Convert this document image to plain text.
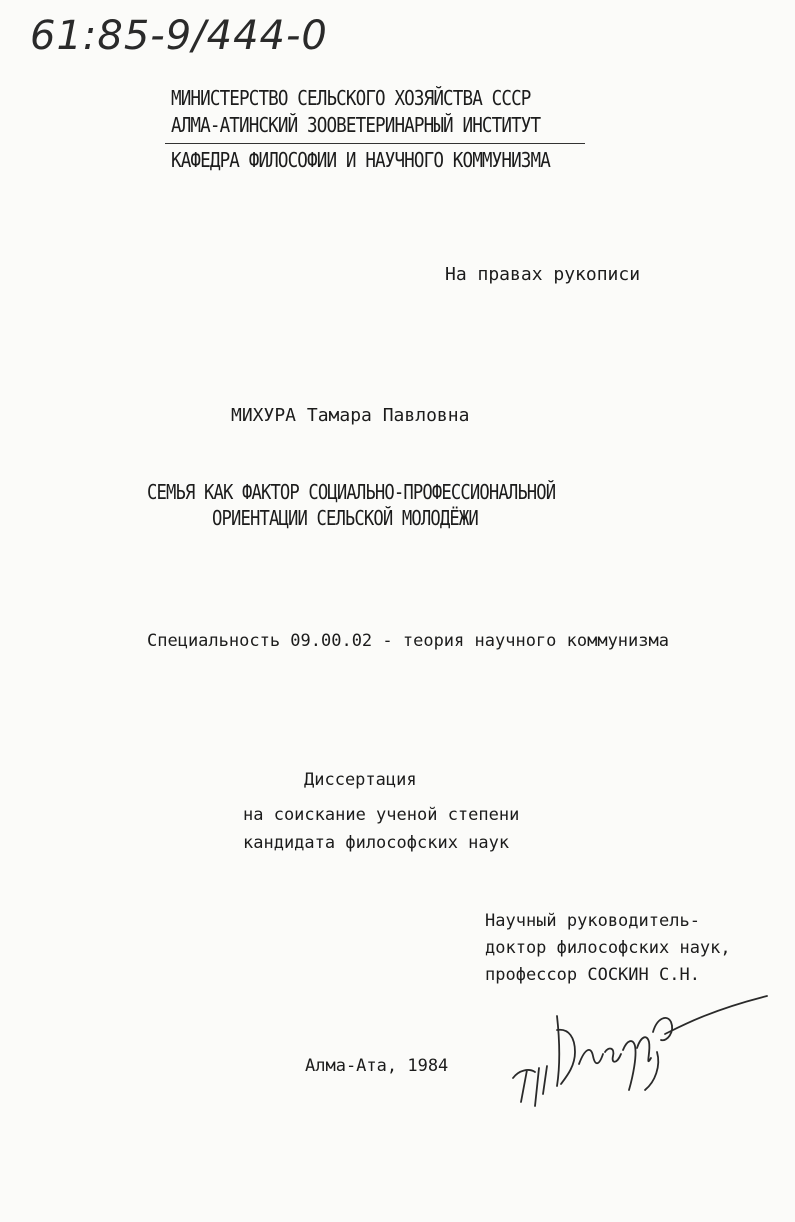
61:85-9/444-0
МИНИСТЕРСТВО СЕЛЬСКОГО ХОЗЯЙСТВА СССР
АЛМА-АТИНСКИЙ ЗООВЕТЕРИНАРНЫЙ ИНСТИТУТ
КАФЕДРА ФИЛОСОФИИ И НАУЧНОГО КОММУНИЗМА
На правах рукописи
МИХУРА Тамара Павловна
СЕМЬЯ КАК ФАКТОР СОЦИАЛЬНО-ПРОФЕССИОНАЛЬНОЙ
ОРИЕНТАЦИИ СЕЛЬСКОЙ МОЛОДЁЖИ
Специальность 09.00.02 - теория научного коммунизма
Диссертация
на соискание ученой степени
кандидата философских наук
Научный руководитель-
доктор философских наук,
профессор СОСКИН С.Н.
Алма-Ата, 1984
